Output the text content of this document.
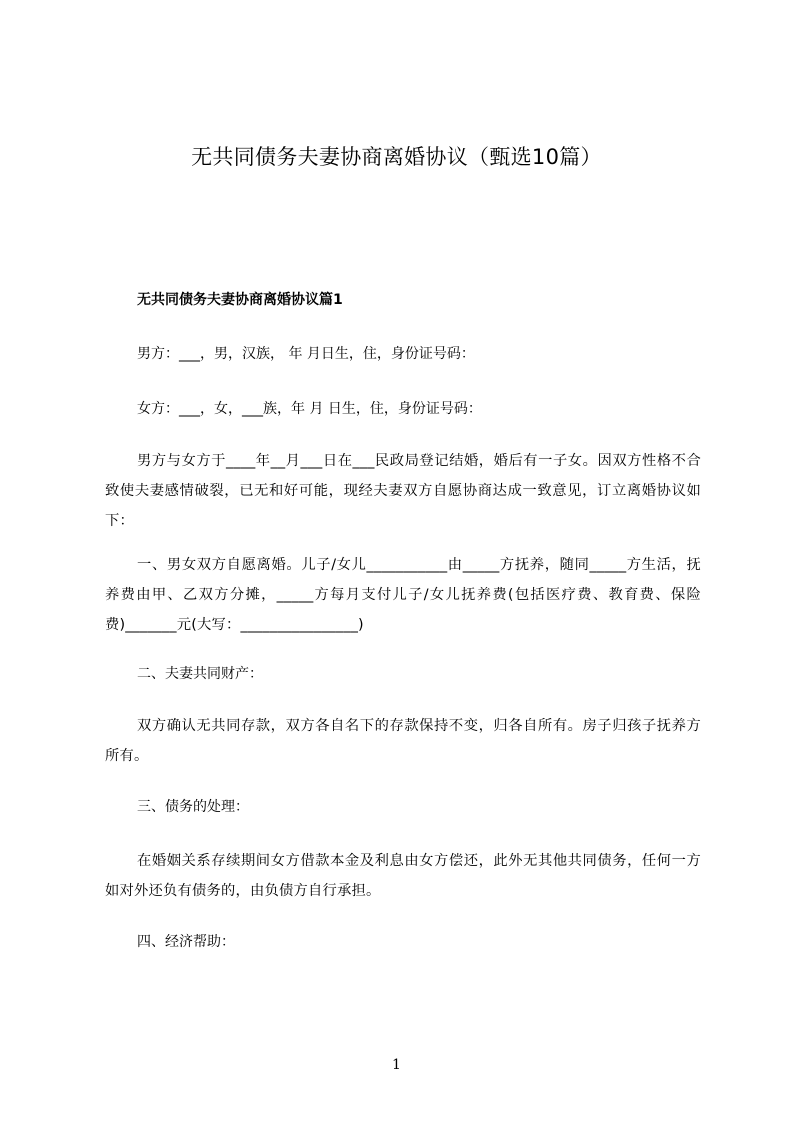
无共同债务夫妻协商离婚协议（甄选10篇）
无共同债务夫妻协商离婚协议篇1
男方：___，男，汉族， 年 月日生，住，身份证号码：
女方：___，女，___族，年 月 日生，住，身份证号码：
男方与女方于____年__月___日在___民政局登记结婚，婚后有一子女。因双方性格不合致使夫妻感情破裂，已无和好可能，现经夫妻双方自愿协商达成一致意见，订立离婚协议如下：
一、男女双方自愿离婚。儿子/女儿___________由_____方抚养，随同_____方生活，抚养费由甲、乙双方分摊，_____方每月支付儿子/女儿抚养费(包括医疗费、教育费、保险费)_______元(大写：________________)
二、夫妻共同财产：
双方确认无共同存款，双方各自名下的存款保持不变，归各自所有。房子归孩子抚养方所有。
三、债务的处理：
在婚姻关系存续期间女方借款本金及利息由女方偿还，此外无其他共同债务，任何一方如对外还负有债务的，由负债方自行承担。
四、经济帮助：
1
